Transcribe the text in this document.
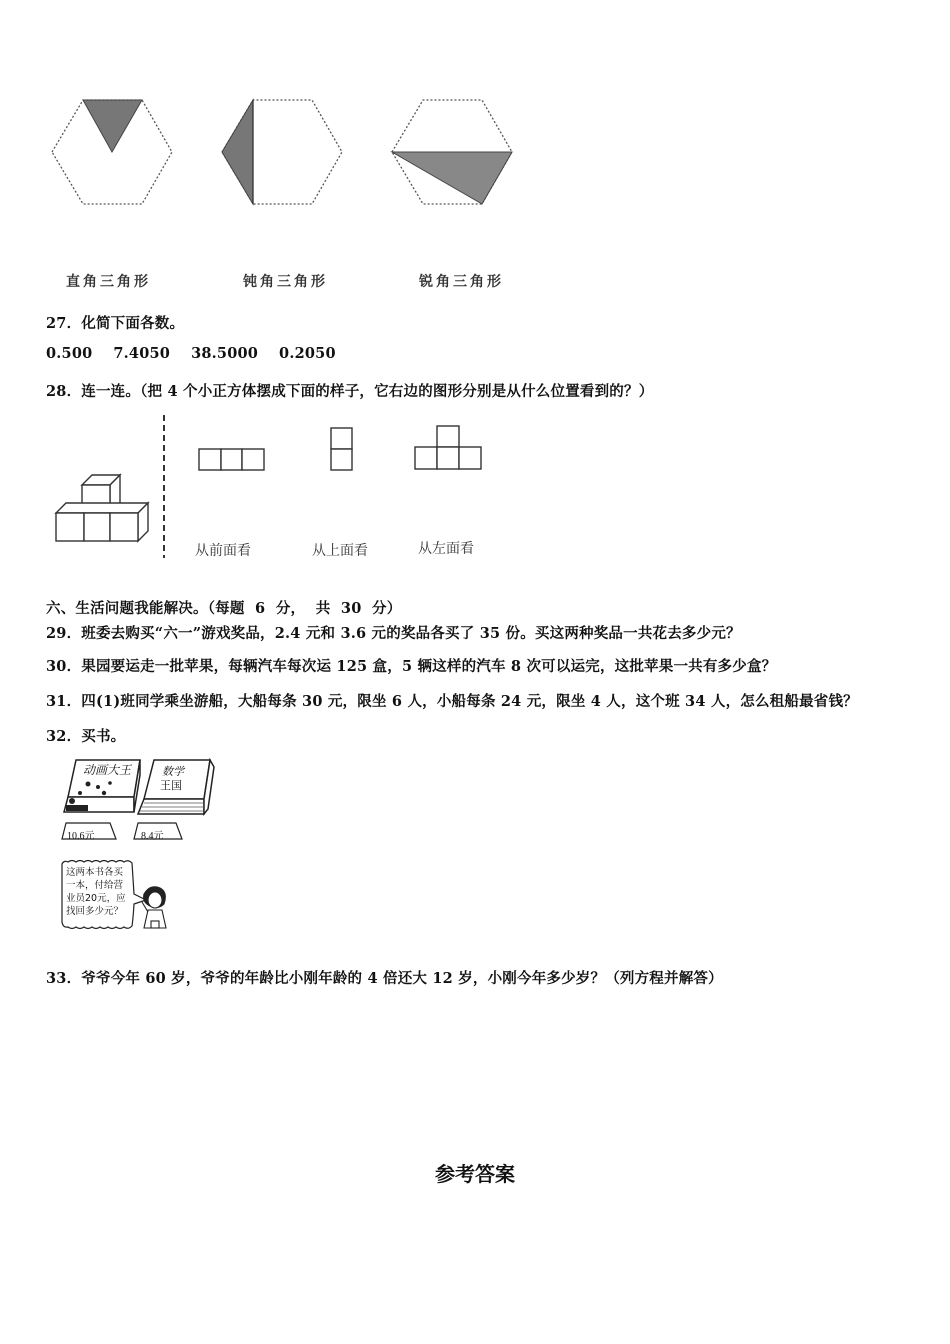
直角三角形	钝角三角形	锐角三角形
27．化简下面各数。
0.500    7.4050    38.5000    0.2050
28．连一连。（把 4 个小正方体摆成下面的样子，它右边的图形分别是从什么位置看到的？）
从前面看	从上面看	从左面看
六、生活问题我能解决。（每题  6  分，  共  30  分）
29．班委去购买“六一”游戏奖品，2.4 元和 3.6 元的奖品各买了 35 份。买这两种奖品一共花去多少元？
30．果园要运走一批苹果，每辆汽车每次运 125 盒，5 辆这样的汽车 8 次可以运完，这批苹果一共有多少盒？
31．四(1)班同学乘坐游船，大船每条 30 元，限坐 6 人，小船每条 24 元，限坐 4 人，这个班 34 人，怎么租船最省钱？
32．买书。
动画大王	数学
王国
10.6元	8.4元
这两本书各买
一本，付给营
业员20元，应
找回多少元？
33．爷爷今年 60 岁，爷爷的年龄比小刚年龄的 4 倍还大 12 岁，小刚今年多少岁？（列方程并解答）
参考答案
